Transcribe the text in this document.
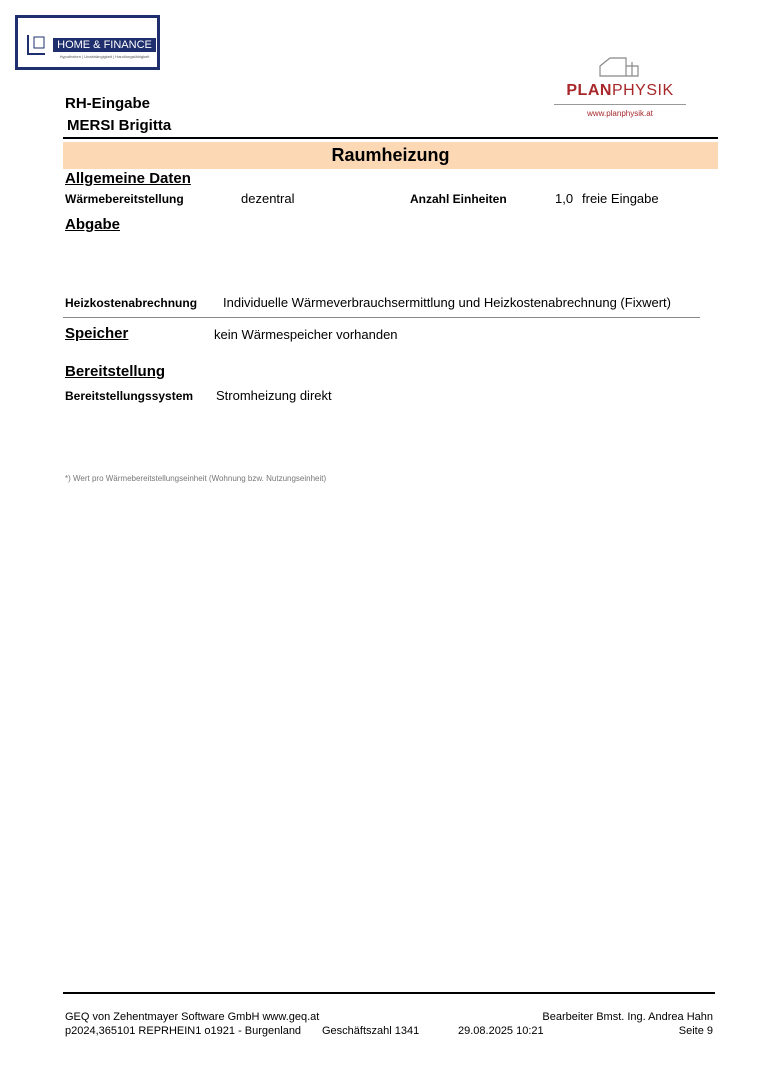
HOME & FINANCE
Hypotheken | Unabhängigkeit | Handlungsfähigkeit
PLANPHYSIK
www.planphysik.at
RH-Eingabe
MERSI Brigitta
Raumheizung
Allgemeine Daten
Wärmebereitstellung	dezentral	Anzahl Einheiten	1,0 freie Eingabe
Abgabe
Heizkostenabrechnung Individuelle Wärmeverbrauchsermittlung und Heizkostenabrechnung (Fixwert)
Speicher	kein Wärmespeicher vorhanden
Bereitstellung
Bereitstellungssystem Stromheizung direkt
*) Wert pro Wärmebereitstellungseinheit (Wohnung bzw. Nutzungseinheit)
GEQ von Zehentmayer Software GmbH www.geq.at	Bearbeiter Bmst. Ing. Andrea Hahn
p2024,365101 REPRHEIN1 o1921 - Burgenland Geschäftszahl 1341	29.08.2025 10:21	Seite 9
